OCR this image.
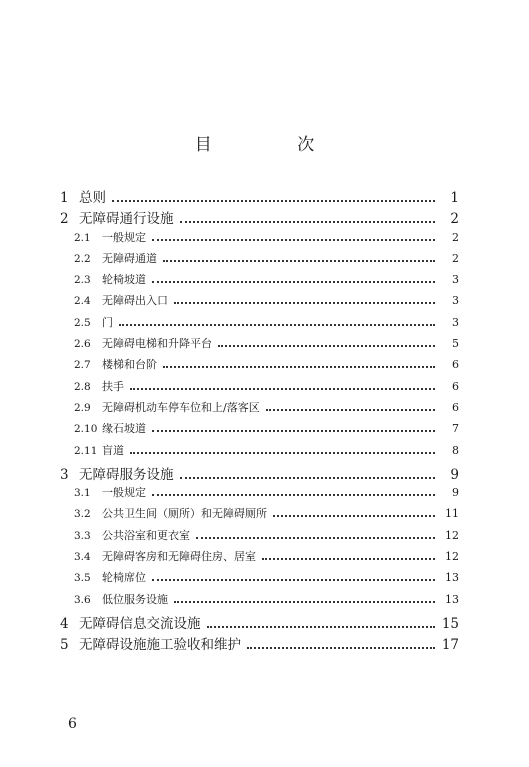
目 次
1 总则	1
2 无障碍通行设施	2
2.1	一般规定	2
2.2	无障碍通道	2
2.3	轮椅坡道	3
2.4	无障碍出入口	3
2.5	门	3
2.6	无障碍电梯和升降平台	5
2.7	楼梯和台阶	6
2.8	扶手	6
2.9	无障碍机动车停车位和上/落客区	6
2.10 缘石坡道	7
2.11 盲道	8
3 无障碍服务设施	9
3.1	一般规定	9
3.2	公共卫生间（厕所）和无障碍厕所	11
3.3	公共浴室和更衣室	12
3.4	无障碍客房和无障碍住房、居室	12
3.5	轮椅席位	13
3.6	低位服务设施	13
4 无障碍信息交流设施	15
5 无障碍设施施工验收和维护	17
6
